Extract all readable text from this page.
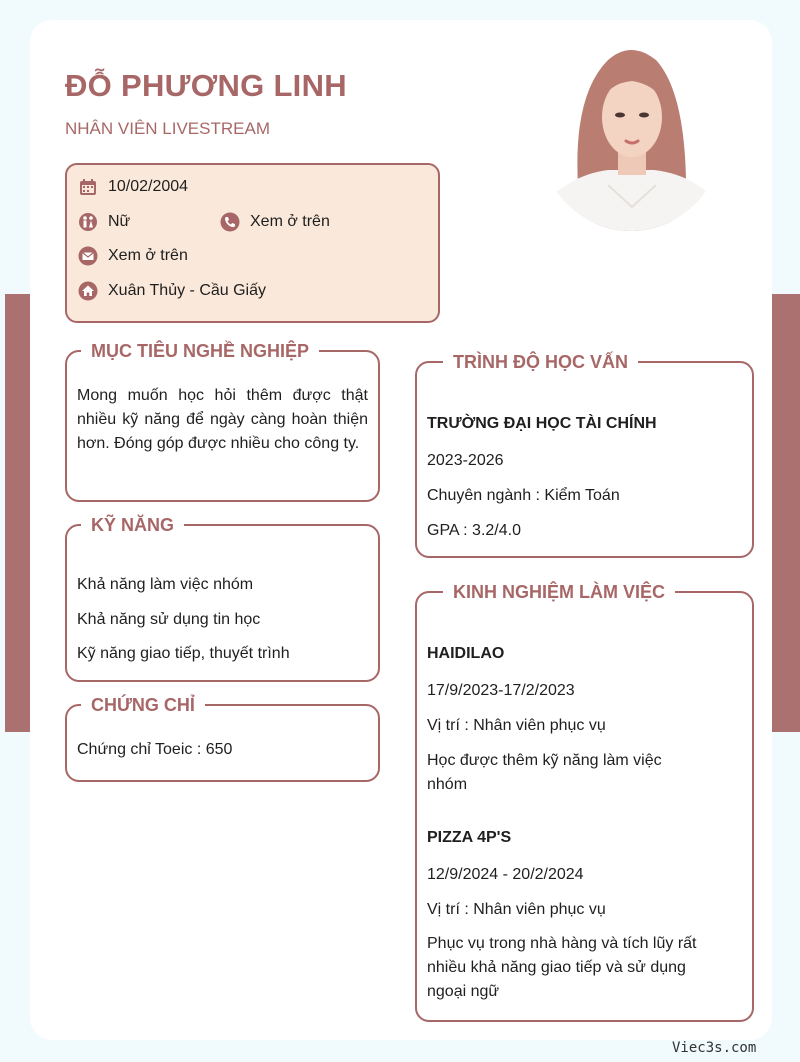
ĐỖ PHƯƠNG LINH

NHÂN VIÊN LIVESTREAM

10/02/2004
Nữ	Xem ở trên
Xem ở trên
Xuân Thủy - Cầu Giấy
MỤC TIÊU NGHỀ NGHIỆP
Mong muốn học hỏi thêm được thật nhiều kỹ năng để ngày càng hoàn thiện hơn. Đóng góp được nhiều cho công ty.
KỸ NĂNG
Khả năng làm việc nhóm
Khả năng sử dụng tin học
Kỹ năng giao tiếp, thuyết trình
CHỨNG CHỈ
Chứng chỉ Toeic : 650
TRÌNH ĐỘ HỌC VẤN
TRƯỜNG ĐẠI HỌC TÀI CHÍNH
2023-2026
Chuyên ngành : Kiểm Toán
GPA : 3.2/4.0
KINH NGHIỆM LÀM VIỆC
HAIDILAO
17/9/2023-17/2/2023
Vị trí : Nhân viên phục vụ
Học được thêm kỹ năng làm việc nhóm
PIZZA 4P'S
12/9/2024 - 20/2/2024
Vị trí : Nhân viên phục vụ
Phục vụ trong nhà hàng và tích lũy rất nhiều khả năng giao tiếp và sử dụng ngoại ngữ
Viec3s.com
